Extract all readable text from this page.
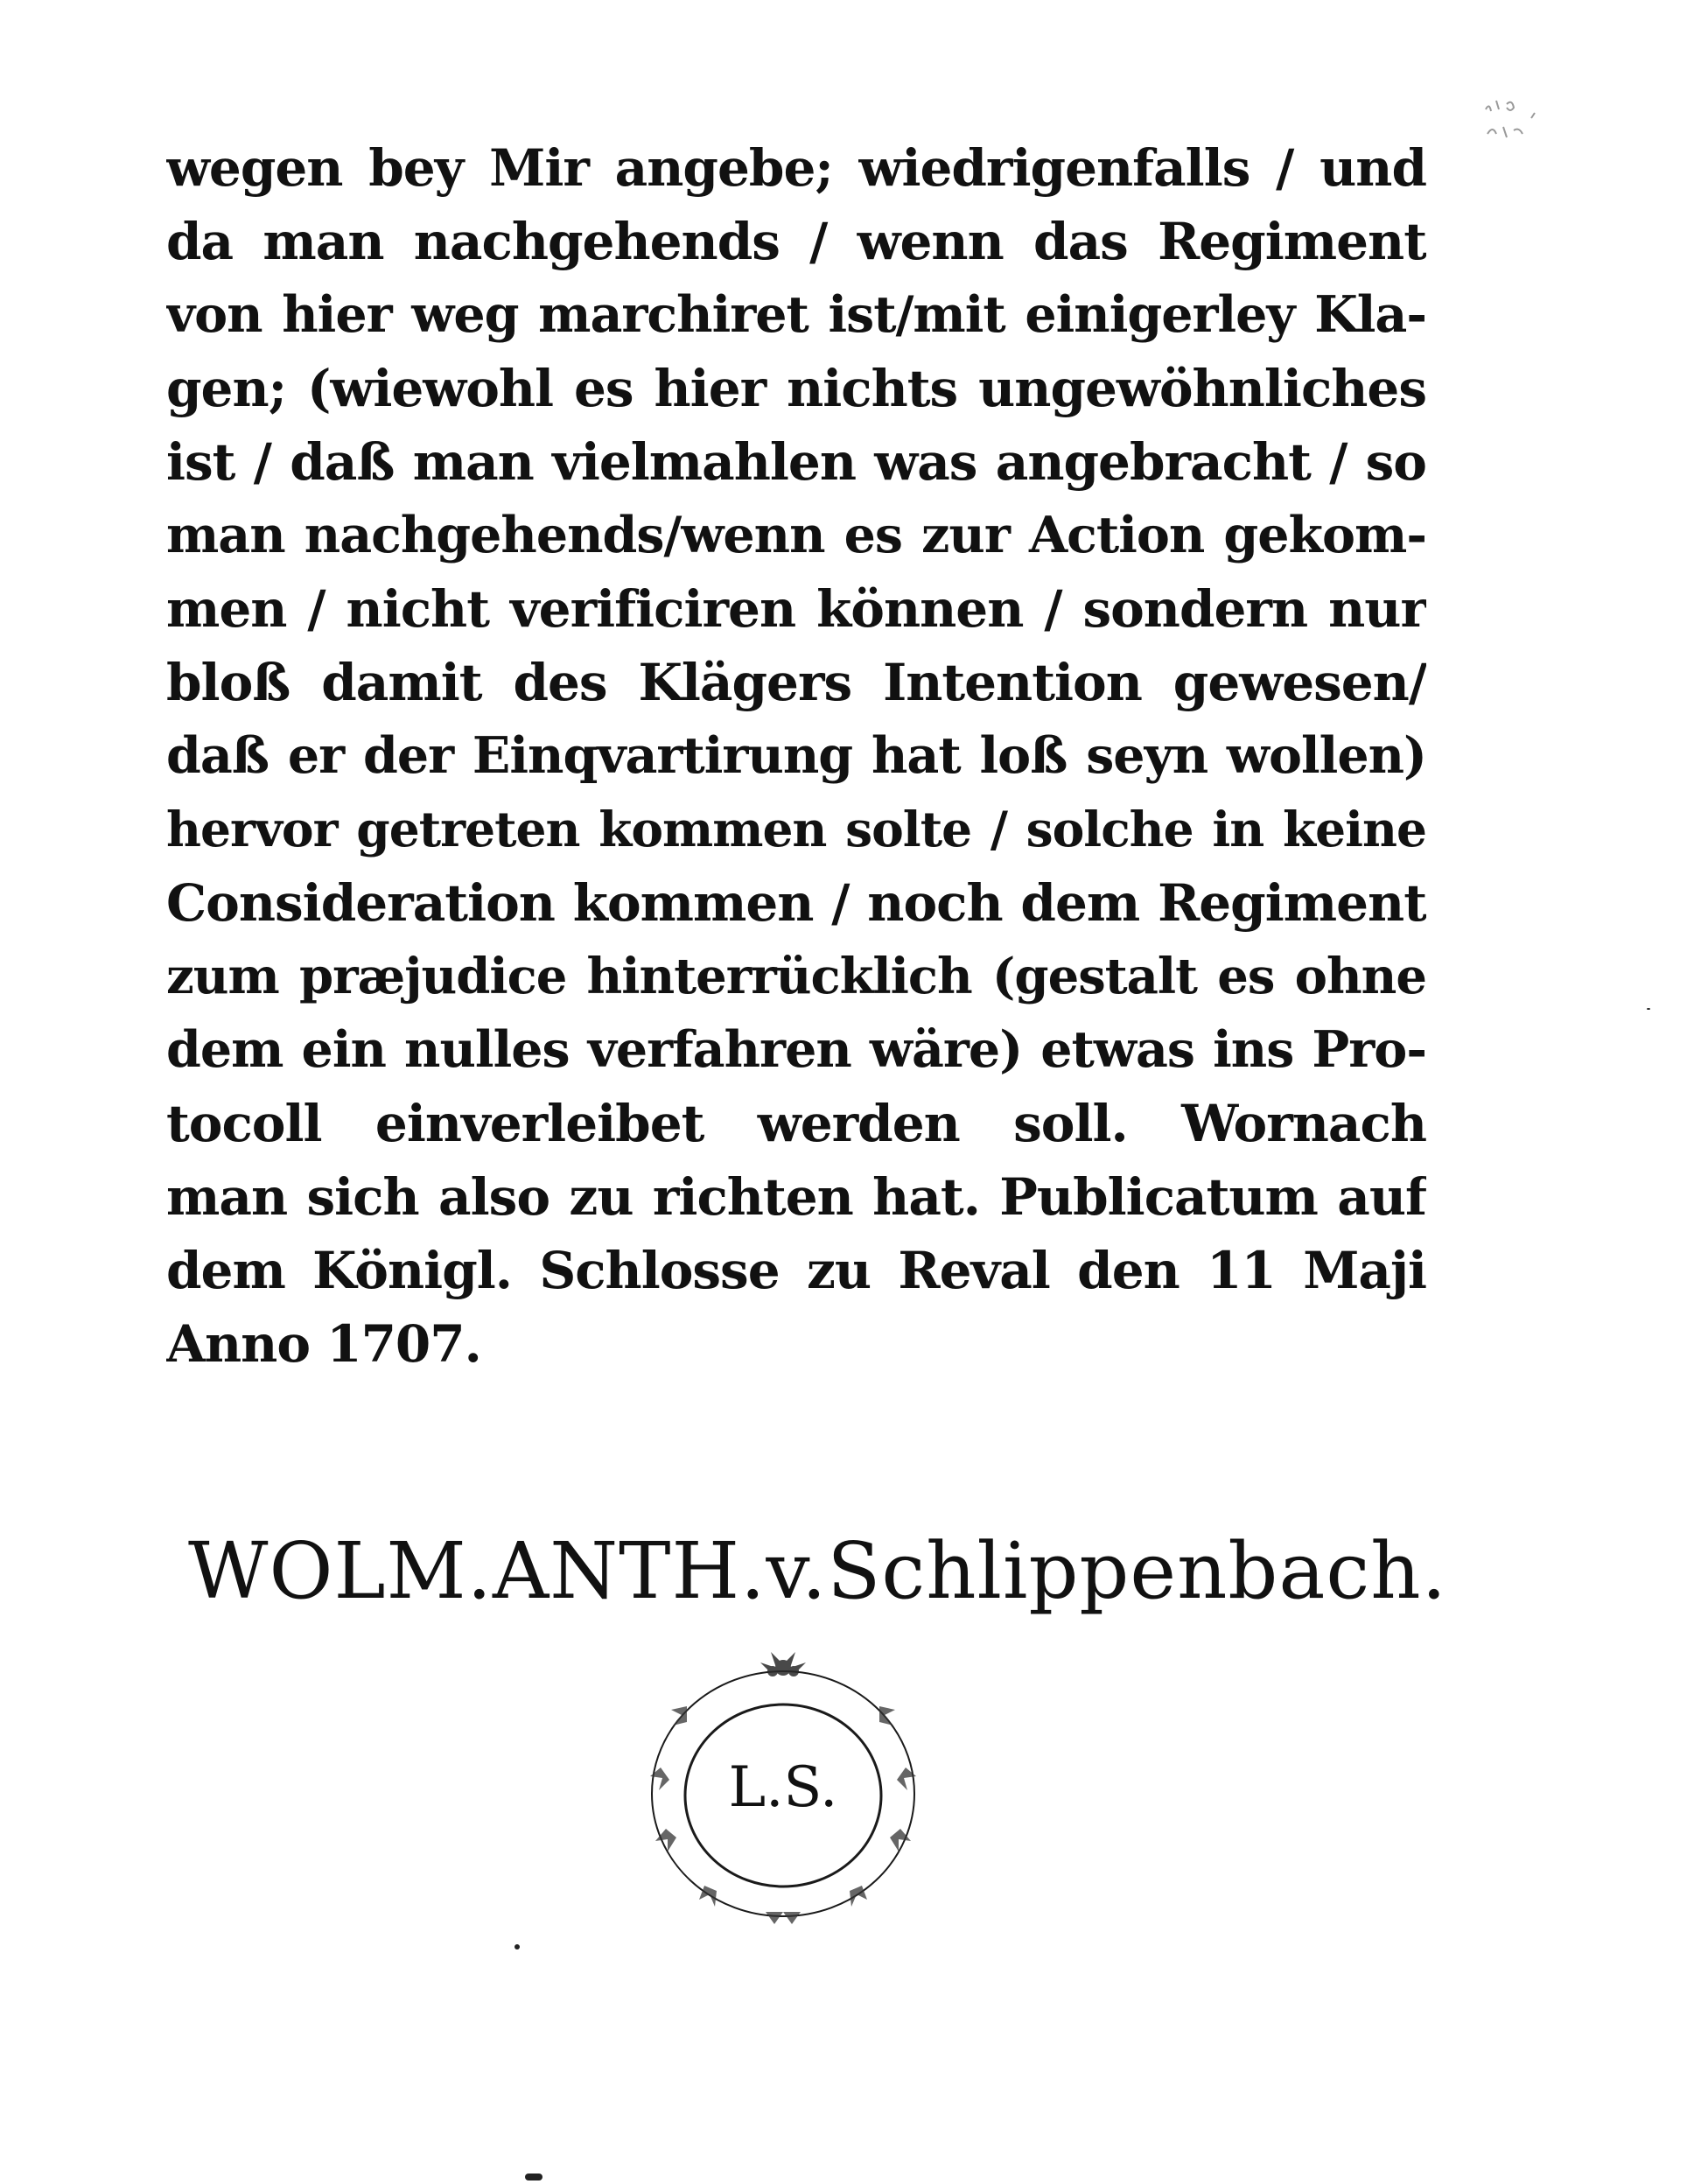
wegen bey Mir angebe; wiedrigenfalls / und
da man nachgehends / wenn das Regiment
von hier weg marchiret ist/mit einigerley Kla-
gen; (wiewohl es hier nichts ungewöhnliches
ist / daß man vielmahlen was angebracht / so
man nachgehends/wenn es zur Action gekom-
men / nicht verificiren können / sondern nur
bloß damit des Klägers Intention gewesen/
daß er der Einqvartirung hat loß seyn wollen)
hervor getreten kommen solte / solche in keine
Consideration kommen / noch dem Regiment
zum præjudice hinterrücklich (gestalt es ohne
dem ein nulles verfahren wäre) etwas ins Pro-
tocoll einverleibet werden soll. Wornach
man sich also zu richten hat. Publicatum auf
dem Königl. Schlosse zu Reval den 11 Maji
Anno 1707.
WOLM.ANTH.v.Schlippenbach.
L.S.
